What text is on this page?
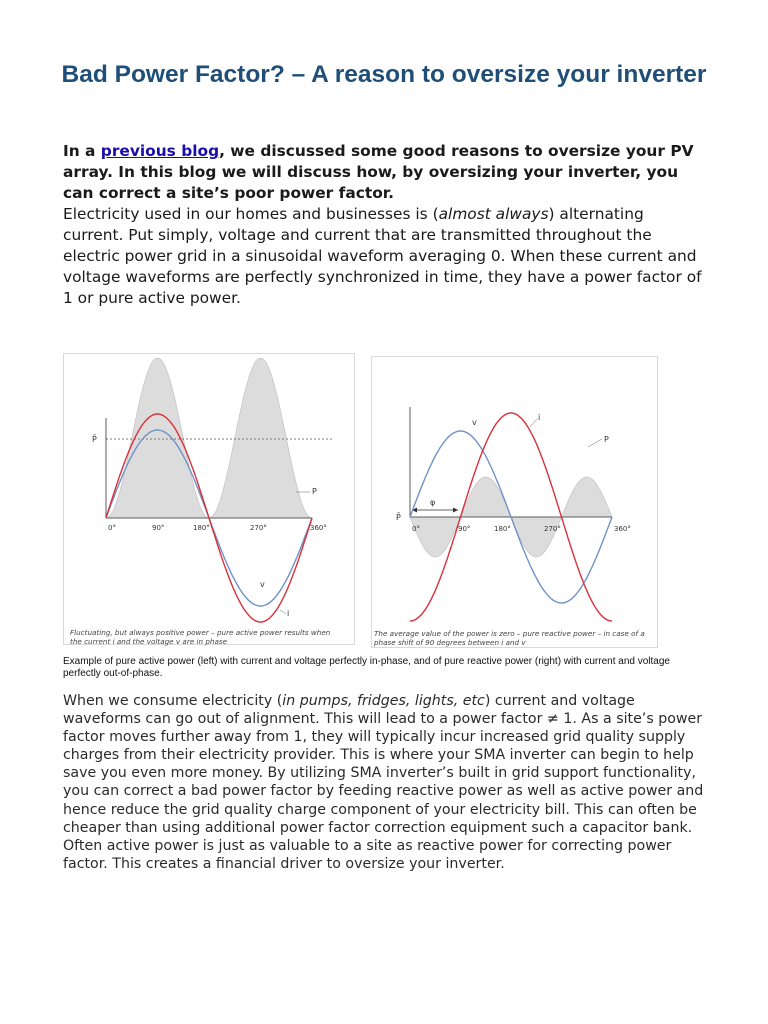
Bad Power Factor? – A reason to oversize your inverter

In a previous blog, we discussed some good reasons to oversize your PV array. In this blog we will discuss how, by oversizing your inverter, you can correct a site’s poor power factor.
Electricity used in our homes and businesses is (almost always) alternating current. Put simply, voltage and current that are transmitted throughout the electric power grid in a sinusoidal waveform averaging 0. When these current and voltage waveforms are perfectly synchronized in time, they have a power factor of 1 or pure active power.

P̄
0°	90°	180°	270°	360°
P
v
i
Fluctuating, but always positive power – pure active power results when the current i and the voltage v are in phase
φ
P̄
0°	90°	180°	270°	360°
v
i
P
The average value of the power is zero – pure reactive power – in case of a phase shift of 90 degrees between i and v

Example of pure active power (left) with current and voltage perfectly in-phase, and of pure reactive power (right) with current and voltage perfectly out-of-phase.

When we consume electricity (in pumps, fridges, lights, etc) current and voltage waveforms can go out of alignment. This will lead to a power factor ≠ 1. As a site’s power factor moves further away from 1, they will typically incur increased grid quality supply charges from their electricity provider. This is where your SMA inverter can begin to help save you even more money. By utilizing SMA inverter’s built in grid support functionality, you can correct a bad power factor by feeding reactive power as well as active power and hence reduce the grid quality charge component of your electricity bill. This can often be cheaper than using additional power factor correction equipment such a capacitor bank. Often active power is just as valuable to a site as reactive power for correcting power factor. This creates a financial driver to oversize your inverter.
